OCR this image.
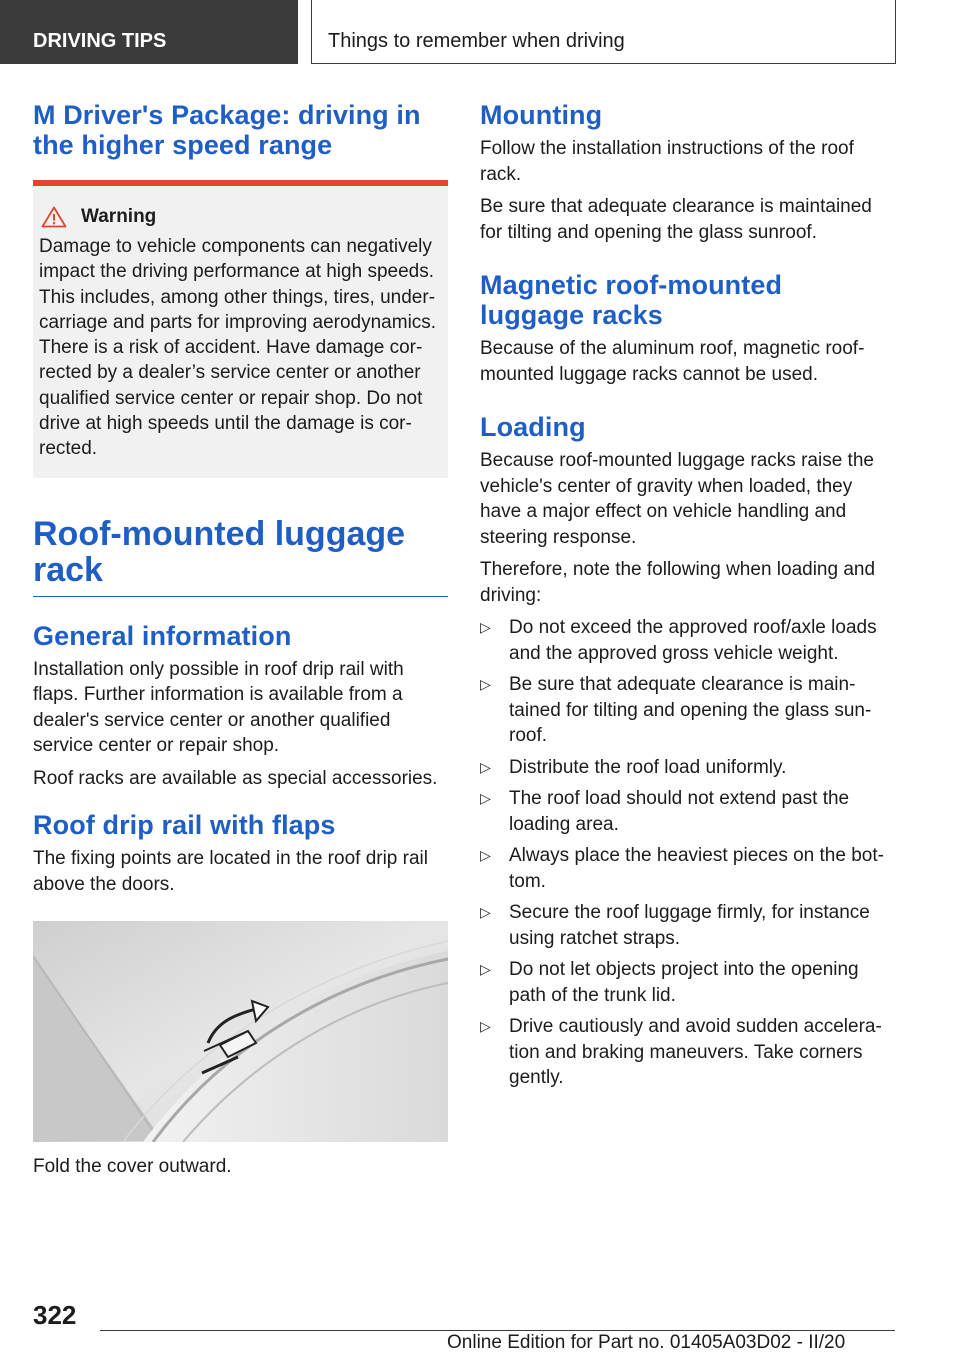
DRIVING TIPS	Things to remember when driving
M Driver's Package: driving in the higher speed range
Warning

Damage to vehicle components can negatively impact the driving performance at high speeds. This includes, among other things, tires, undercarriage and parts for improving aerodynamics. There is a risk of accident. Have damage corrected by a dealer’s service center or another qualified service center or repair shop. Do not drive at high speeds until the damage is corrected.

Roof-mounted luggage rack
General information

Installation only possible in roof drip rail with flaps. Further information is available from a dealer's service center or another qualified service center or repair shop.

Roof racks are available as special accessories.

Roof drip rail with flaps

The fixing points are located in the roof drip rail above the doors.

Fold the cover outward.

Mounting

Follow the installation instructions of the roof rack.

Be sure that adequate clearance is maintained for tilting and opening the glass sunroof.

Magnetic roof-mounted luggage racks

Because of the aluminum roof, magnetic roof-mounted luggage racks cannot be used.

Loading

Because roof-mounted luggage racks raise the vehicle's center of gravity when loaded, they have a major effect on vehicle handling and steering response.

Therefore, note the following when loading and driving:

▷ Do not exceed the approved roof/axle loads and the approved gross vehicle weight.
▷ Be sure that adequate clearance is maintained for tilting and opening the glass sunroof.
▷ Distribute the roof load uniformly.
▷ The roof load should not extend past the loading area.
▷ Always place the heaviest pieces on the bottom.
▷ Secure the roof luggage firmly, for instance using ratchet straps.
▷ Do not let objects project into the opening path of the trunk lid.
▷ Drive cautiously and avoid sudden acceleration and braking maneuvers. Take corners gently.
322
Online Edition for Part no. 01405A03D02 - II/20
